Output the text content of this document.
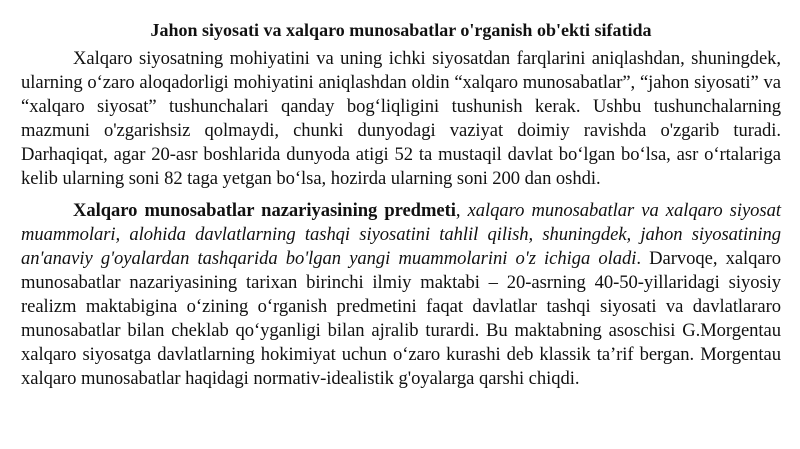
Jahon siyosati va xalqaro munosabatlar o'rganish ob'ekti sifatida

Xalqaro siyosatning mohiyatini va uning ichki siyosatdan farqlarini aniqlashdan, shuningdek, ularning o‘zaro aloqadorligi mohiyatini aniqlashdan oldin “xalqaro munosabatlar”, “jahon siyosati” va “xalqaro siyosat” tushunchalari qanday bog‘liqligini tushunish kerak. Ushbu tushunchalarning mazmuni o'zgarishsiz qolmaydi, chunki dunyodagi vaziyat doimiy ravishda o'zgarib turadi. Darhaqiqat, agar 20-asr boshlarida dunyoda atigi 52 ta mustaqil davlat bo‘lgan bo‘lsa, asr o‘rtalariga kelib ularning soni 82 taga yetgan bo‘lsa, hozirda ularning soni 200 dan oshdi.

Xalqaro munosabatlar nazariyasining predmeti, xalqaro munosabatlar va xalqaro siyosat muammolari, alohida davlatlarning tashqi siyosatini tahlil qilish, shuningdek, jahon siyosatining an'anaviy g'oyalardan tashqarida bo'lgan yangi muammolarini o'z ichiga oladi. Darvoqe, xalqaro munosabatlar nazariyasining tarixan birinchi ilmiy maktabi – 20-asrning 40-50-yillaridagi siyosiy realizm maktabigina o‘zining o‘rganish predmetini faqat davlatlar tashqi siyosati va davlatlararo munosabatlar bilan cheklab qo‘yganligi bilan ajralib turardi. Bu maktabning asoschisi G.Morgentau xalqaro siyosatga davlatlarning hokimiyat uchun o‘zaro kurashi deb klassik ta’rif bergan. Morgentau xalqaro munosabatlar haqidagi normativ-idealistik g'oyalarga qarshi chiqdi.
